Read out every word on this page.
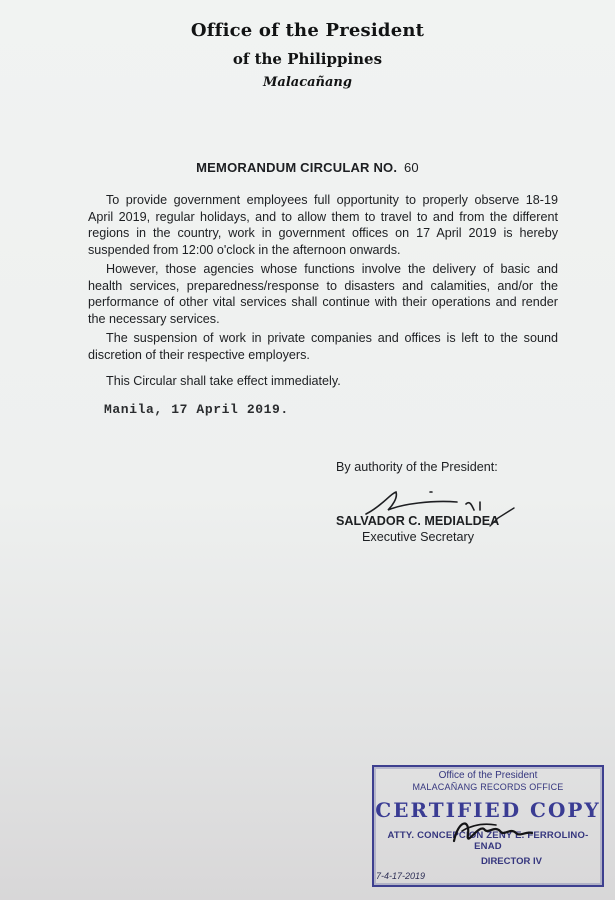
Office of the President
of the Philippines
Malacañang
MEMORANDUM CIRCULAR NO. 60
To provide government employees full opportunity to properly observe 18-19 April 2019, regular holidays, and to allow them to travel to and from the different regions in the country, work in government offices on 17 April 2019 is hereby suspended from 12:00 o'clock in the afternoon onwards.
However, those agencies whose functions involve the delivery of basic and health services, preparedness/response to disasters and calamities, and/or the performance of other vital services shall continue with their operations and render the necessary services.
The suspension of work in private companies and offices is left to the sound discretion of their respective employers.
This Circular shall take effect immediately.
Manila, 17 April 2019.
By authority of the President:
SALVADOR C. MEDIALDEA
Executive Secretary
Office of the President
MALACAÑANG RECORDS OFFICE
CERTIFIED COPY
ATTY. CONCEPCION ZENY E. FERROLINO-ENAD
DIRECTOR IV
7-4-17-2019
